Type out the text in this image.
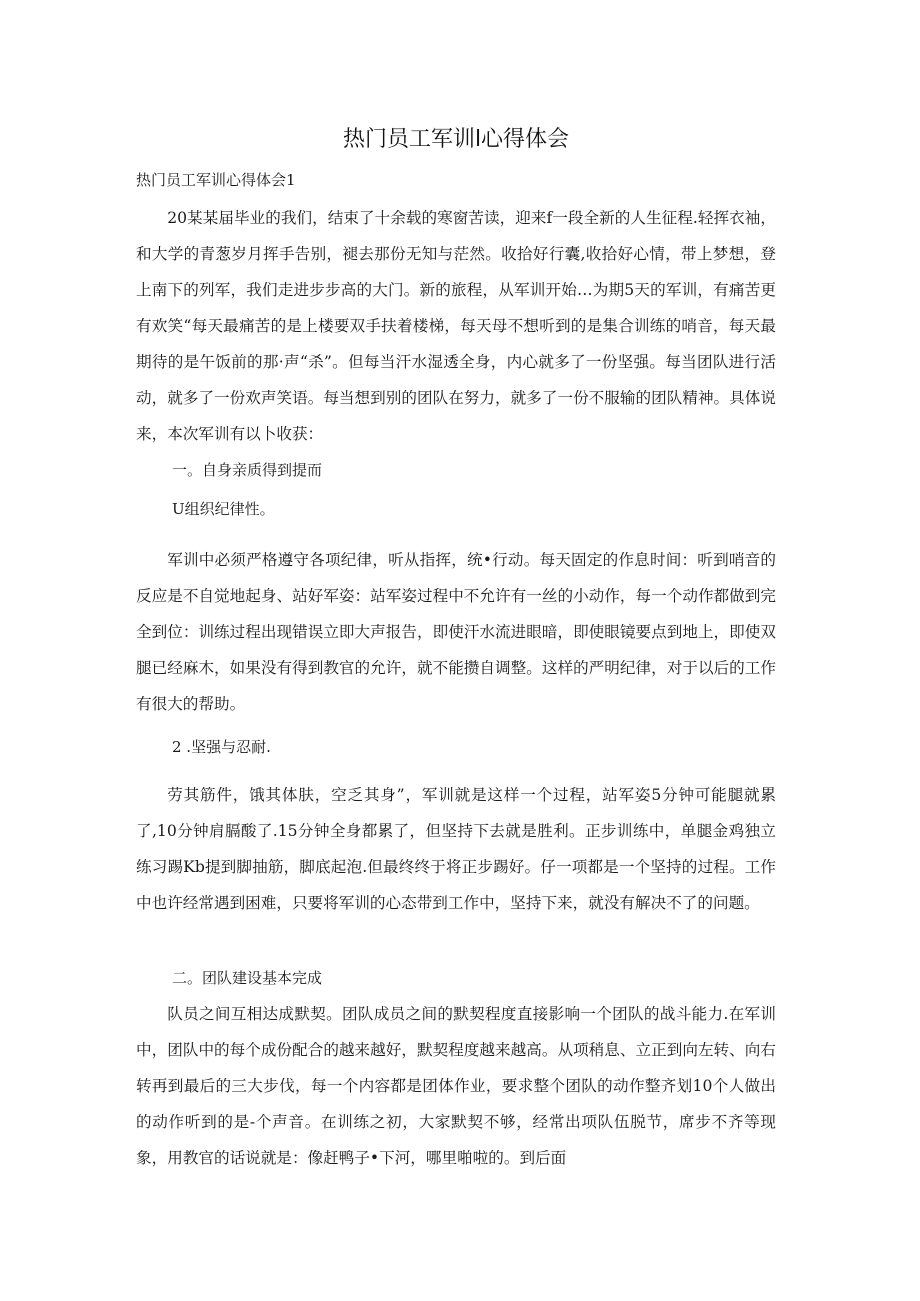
热门员工军训l心得体会

热门员工军训心得体会1

20某某届毕业的我们，结束了十余载的寒窗苦读，迎来f一段全新的人生征程.轻挥衣袖，和大学的青葱岁月挥手告别，褪去那份无知与茫然。收拾好行囊,收拾好心情，带上梦想，登上南下的列军，我们走进步步高的大门。新的旅程，从军训开始…为期5天的军训，有痛苦更有欢笑“每天最痛苦的是上楼要双手扶着楼梯，每天母不想听到的是集合训练的哨音，每天最期待的是午饭前的那·声“杀”。但每当汗水湿透全身，内心就多了一份坚强。每当团队进行活动，就多了一份欢声笑语。每当想到别的团队在努力，就多了一份不服输的团队精神。具体说来，本次军训有以卜收获：

一。自身亲质得到提而

U组织纪律性。

军训中必须严格遵守各项纪律，听从指挥，统•行动。每天固定的作息时间：听到哨音的反应是不自觉地起身、站好军姿：站军姿过程中不允许有一丝的小动作，每一个动作都做到完全到位：训练过程出现错误立即大声报告，即使汗水流进眼暗，即使眼镜要点到地上，即使双腿已经麻木，如果没有得到教官的允许，就不能攒自调整。这样的严明纪律，对于以后的工作有很大的帮助。

2 .坚强与忍耐.

劳其筋件，饿其体肤，空乏其身”，军训就是这样一个过程，站军姿5分钟可能腿就累了,10分钟肩膈酸了.15分钟全身都累了，但坚持下去就是胜利。正步训练中，单腿金鸡独立练习踢Kb提到脚抽筋，脚底起泡.但最终终于将正步踢好。仔一项都是一个坚持的过程。工作中也许经常遇到困难，只要将军训的心态带到工作中，坚持下来，就没有解决不了的问题。

二。团队建设基本完成

队员之间互相达成默契。团队成员之间的默契程度直接影响一个团队的战斗能力.在军训中，团队中的每个成份配合的越来越好，默契程度越来越高。从项稍息、立正到向左转、向右转再到最后的三大步伐，每一个内容都是团体作业，要求整个团队的动作整齐划10个人做出的动作听到的是-个声音。在训练之初，大家默契不够，经常出项队伍脱节，席步不齐等现象，用教官的话说就是：像赶鸭子•下河，哪里啪啦的。到后面
